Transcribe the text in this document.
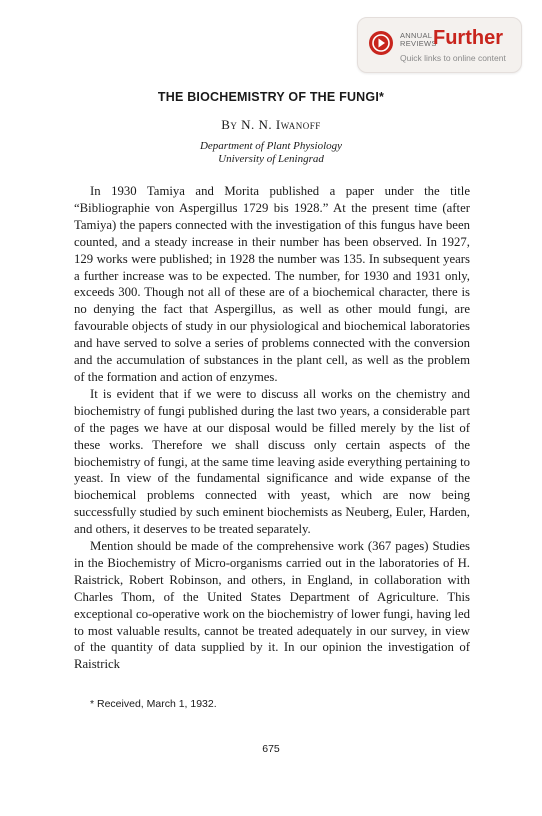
ANNUAL
REVIEWS
Further
Quick links to online content
THE BIOCHEMISTRY OF THE FUNGI*
By N. N. Iwanoff
Department of Plant Physiology
University of Leningrad

In 1930 Tamiya and Morita published a paper under the title “Bibliographie von Aspergillus 1729 bis 1928.” At the present time (after Tamiya) the papers connected with the investigation of this fungus have been counted, and a steady increase in their number has been observed. In 1927, 129 works were published; in 1928 the number was 135. In subsequent years a further increase was to be expected. The number, for 1930 and 1931 only, exceeds 300. Though not all of these are of a biochemical character, there is no denying the fact that Aspergillus, as well as other mould fungi, are favourable objects of study in our physiological and biochemical laboratories and have served to solve a series of problems connected with the conversion and the accumulation of substances in the plant cell, as well as the problem of the formation and action of enzymes.

It is evident that if we were to discuss all works on the chemistry and biochemistry of fungi published during the last two years, a considerable part of the pages we have at our disposal would be filled merely by the list of these works. Therefore we shall discuss only certain aspects of the biochemistry of fungi, at the same time leaving aside everything pertaining to yeast. In view of the fundamental significance and wide expanse of the biochemical problems connected with yeast, which are now being successfully studied by such eminent biochemists as Neuberg, Euler, Harden, and others, it deserves to be treated separately.

Mention should be made of the comprehensive work (367 pages) Studies in the Biochemistry of Micro-organisms carried out in the laboratories of H. Raistrick, Robert Robinson, and others, in England, in collaboration with Charles Thom, of the United States Department of Agriculture. This exceptional co-operative work on the biochemistry of lower fungi, having led to most valuable results, cannot be treated adequately in our survey, in view of the quantity of data supplied by it. In our opinion the investigation of Raistrick

* Received, March 1, 1932.
675
